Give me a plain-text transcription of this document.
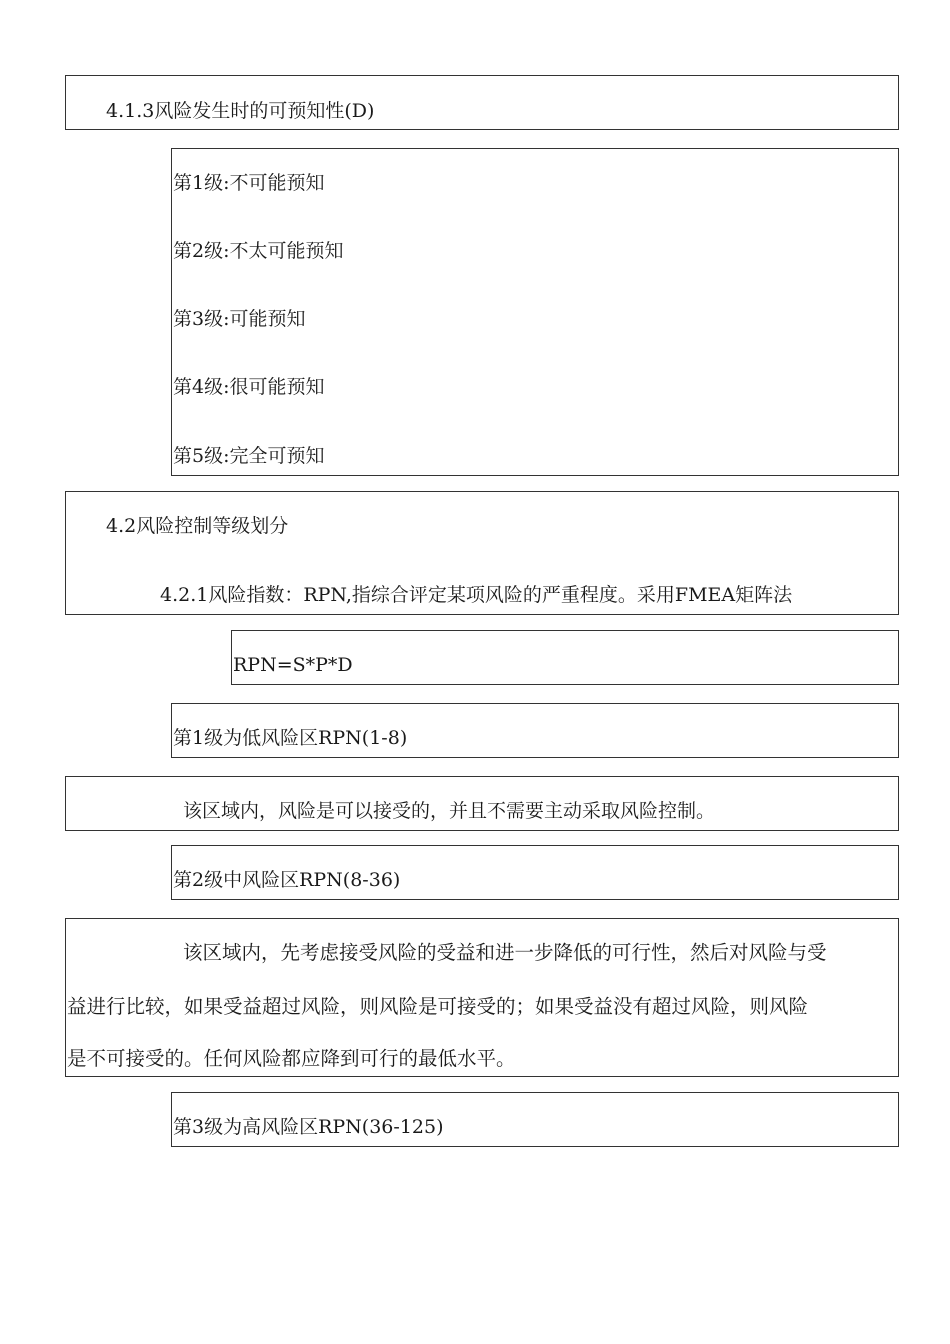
4.1.3风险发生时的可预知性(D)
第1级:不可能预知
第2级:不太可能预知
第3级:可能预知
第4级:很可能预知
第5级:完全可预知
4.2风险控制等级划分
4.2.1风险指数：RPN,指综合评定某项风险的严重程度。采用FMEA矩阵法
RPN=S*P*D
第1级为低风险区RPN(1-8)
该区域内，风险是可以接受的，并且不需要主动采取风险控制。
第2级中风险区RPN(8-36)
该区域内，先考虑接受风险的受益和进一步降低的可行性，然后对风险与受
益进行比较，如果受益超过风险，则风险是可接受的；如果受益没有超过风险，则风险
是不可接受的。任何风险都应降到可行的最低水平。
第3级为高风险区RPN(36-125)
